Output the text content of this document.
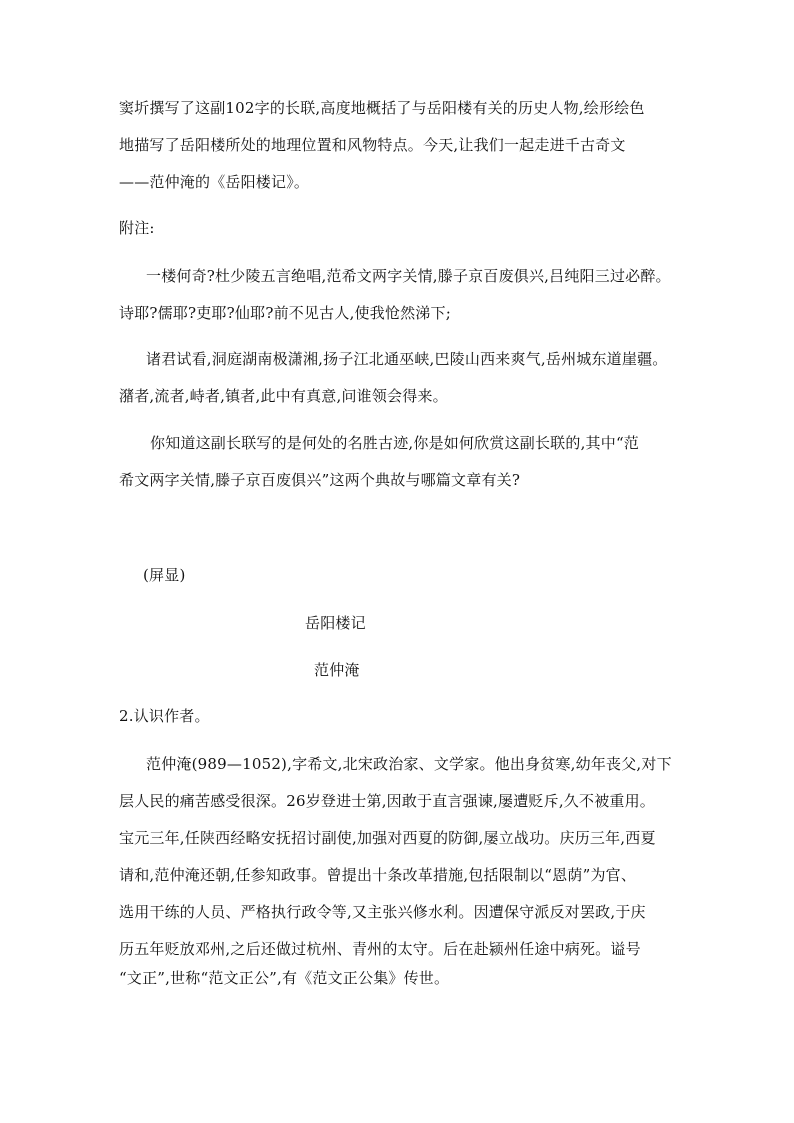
窦圻撰写了这副102字的长联,高度地概括了与岳阳楼有关的历史人物,绘形绘色
地描写了岳阳楼所处的地理位置和风物特点。今天,让我们一起走进千古奇文
——范仲淹的《岳阳楼记》。
附注:
一楼何奇?杜少陵五言绝唱,范希文两字关情,滕子京百废俱兴,吕纯阳三过必醉。
诗耶?儒耶?吏耶?仙耶?前不见古人,使我怆然涕下;
诸君试看,洞庭湖南极潇湘,扬子江北通巫峡,巴陵山西来爽气,岳州城东道崖疆。
潴者,流者,峙者,镇者,此中有真意,问谁领会得来。
你知道这副长联写的是何处的名胜古迹,你是如何欣赏这副长联的,其中“范
希文两字关情,滕子京百废俱兴”这两个典故与哪篇文章有关?
(屏显)
岳阳楼记
范仲淹
2.认识作者。
范仲淹(989—1052),字希文,北宋政治家、文学家。他出身贫寒,幼年丧父,对下
层人民的痛苦感受很深。26岁登进士第,因敢于直言强谏,屡遭贬斥,久不被重用。
宝元三年,任陕西经略安抚招讨副使,加强对西夏的防御,屡立战功。庆历三年,西夏
请和,范仲淹还朝,任参知政事。曾提出十条改革措施,包括限制以“恩荫”为官、
选用干练的人员、严格执行政令等,又主张兴修水利。因遭保守派反对罢政,于庆
历五年贬放邓州,之后还做过杭州、青州的太守。后在赴颍州任途中病死。谥号
“文正”,世称“范文正公”,有《范文正公集》传世。
